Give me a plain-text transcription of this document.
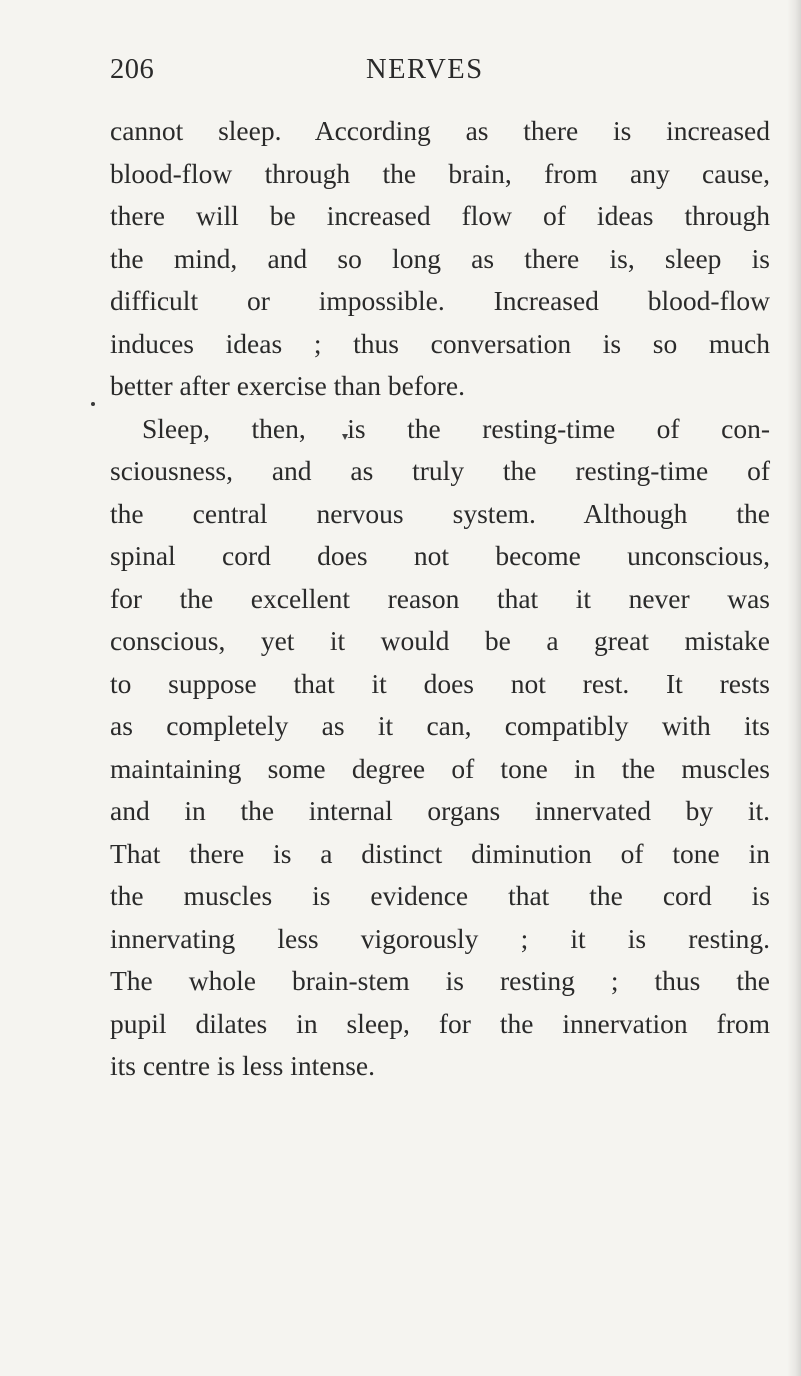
206	NERVES
cannot sleep. According as there is increased
blood-flow through the brain, from any cause,
there will be increased flow of ideas through
the mind, and so long as there is, sleep is
difficult or impossible. Increased blood-flow
induces ideas ; thus conversation is so much
better after exercise than before.
Sleep, then, is the resting-time of con-
sciousness, and as truly the resting-time of
the central nervous system. Although the
spinal cord does not become unconscious,
for the excellent reason that it never was
conscious, yet it would be a great mistake
to suppose that it does not rest. It rests
as completely as it can, compatibly with its
maintaining some degree of tone in the muscles
and in the internal organs innervated by it.
That there is a distinct diminution of tone in
the muscles is evidence that the cord is
innervating less vigorously ; it is resting.
The whole brain-stem is resting ; thus the
pupil dilates in sleep, for the innervation from
its centre is less intense.
